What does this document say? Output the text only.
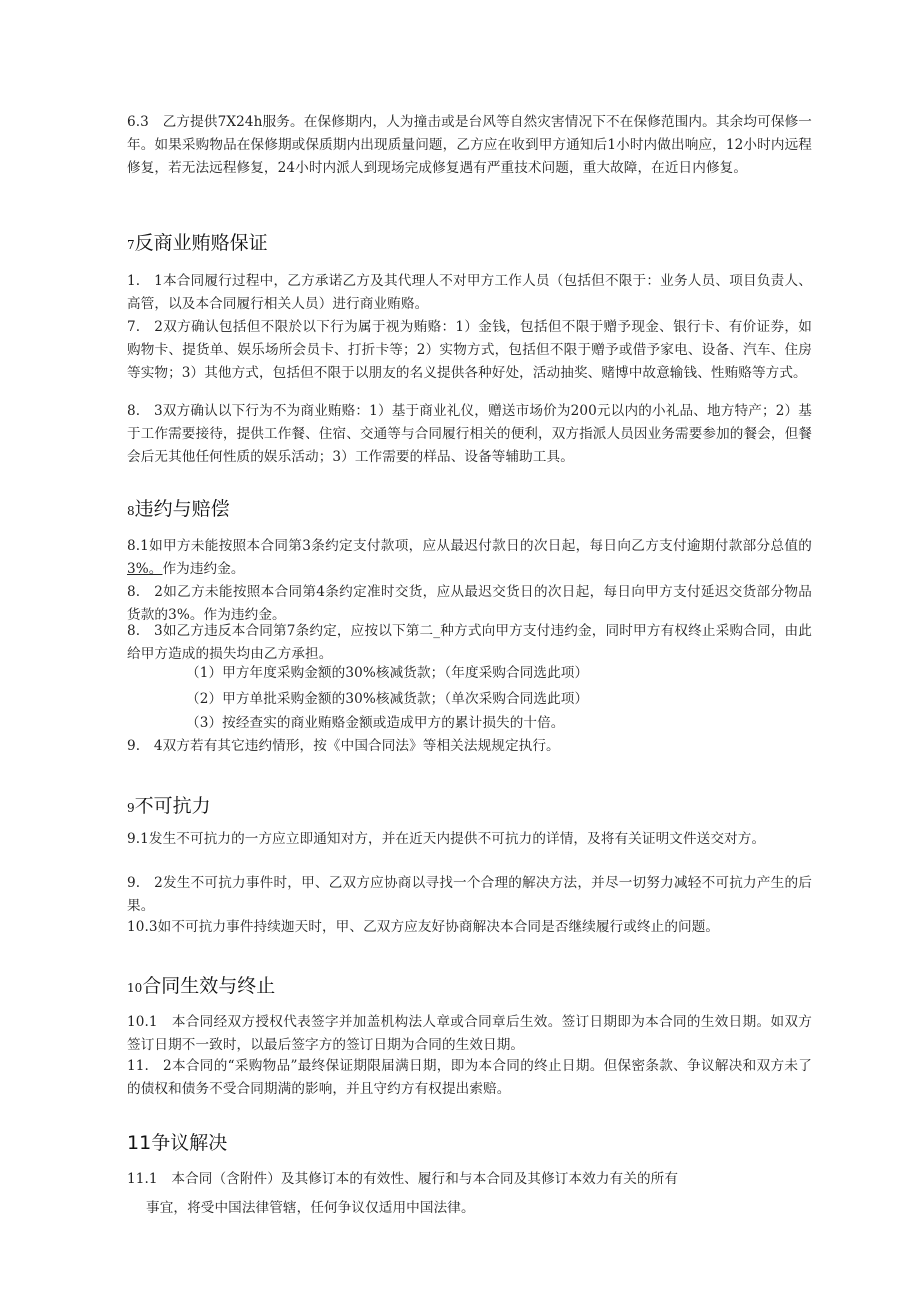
6.3　乙方提供7X24h服务。在保修期内，人为撞击或是台风等自然灾害情况下不在保修范围内。其余均可保修一年。如果采购物品在保修期或保质期内出现质量问题，乙方应在收到甲方通知后1小时内做出响应，12小时内远程修复，若无法远程修复，24小时内派人到现场完成修复遇有严重技术问题，重大故障，在近日内修复。

7反商业贿赂保证

1.　1本合同履行过程中，乙方承诺乙方及其代理人不对甲方工作人员（包括但不限于：业务人员、项目负责人、高管，以及本合同履行相关人员）进行商业贿赂。

7.　2双方确认包括但不限於以下行为属于视为贿赂：1）金钱，包括但不限于赠予现金、银行卡、有价证券，如购物卡、提货单、娱乐场所会员卡、打折卡等；2）实物方式，包括但不限于赠予或借予家电、设备、汽车、住房等实物；3）其他方式，包括但不限于以朋友的名义提供各种好处，活动抽奖、赌博中故意输钱、性贿赂等方式。

8.　3双方确认以下行为不为商业贿赂：1）基于商业礼仪，赠送市场价为200元以内的小礼品、地方特产；2）基于工作需要接待，提供工作餐、住宿、交通等与合同履行相关的便利，双方指派人员因业务需要参加的餐会，但餐会后无其他任何性质的娱乐活动；3）工作需要的样品、设备等辅助工具。

8违约与赔偿

8.1如甲方未能按照本合同第3条约定支付款项，应从最迟付款日的次日起，每日向乙方支付逾期付款部分总值的3%。作为违约金。

8.　2如乙方未能按照本合同第4条约定准时交货，应从最迟交货日的次日起，每日向甲方支付延迟交货部分物品货款的3%。作为违约金。

8.　3如乙方违反本合同第7条约定，应按以下第二_种方式向甲方支付违约金，同时甲方有权终止采购合同，由此给甲方造成的损失均由乙方承担。

（1）甲方年度采购金额的30%核减货款；（年度采购合同选此项）

（2）甲方单批采购金额的30%核减货款；（单次采购合同选此项）

（3）按经查实的商业贿赂金额或造成甲方的累计损失的十倍。

9.　4双方若有其它违约情形，按《中国合同法》等相关法规规定执行。

9不可抗力

9.1发生不可抗力的一方应立即通知对方，并在近天内提供不可抗力的详情，及将有关证明文件送交对方。

9.　2发生不可抗力事件时，甲、乙双方应协商以寻找一个合理的解决方法，并尽一切努力减轻不可抗力产生的后果。

10.3如不可抗力事件持续迦天时，甲、乙双方应友好协商解决本合同是否继续履行或终止的问题。

10合同生效与终止

10.1　本合同经双方授权代表签字并加盖机构法人章或合同章后生效。签订日期即为本合同的生效日期。如双方签订日期不一致时，以最后签字方的签订日期为合同的生效日期。

11.　2本合同的“采购物品”最终保证期限届满日期，即为本合同的终止日期。但保密条款、争议解决和双方未了的债权和债务不受合同期满的影响，并且守约方有权提出索赔。

11争议解决

11.1　本合同（含附件）及其修订本的有效性、履行和与本合同及其修订本效力有关的所有

事宜，将受中国法律管辖，任何争议仅适用中国法律。
